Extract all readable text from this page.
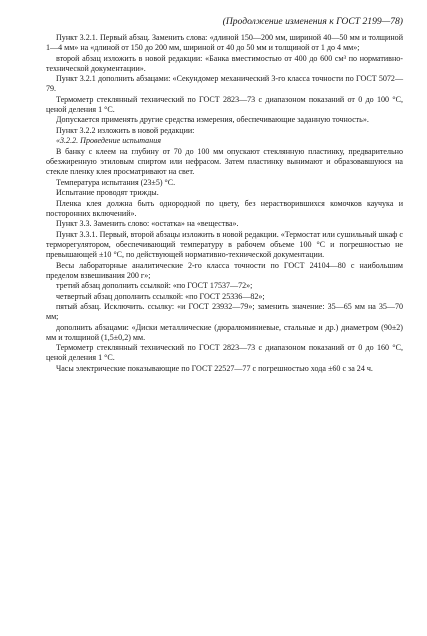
(Продолжение изменения к ГОСТ 2199—78)

Пункт 3.2.1. Первый абзац. Заменить слова: «длиной 150—200 мм, шириной 40—50 мм и толщиной 1—4 мм» на «длиной от 150 до 200 мм, шириной от 40 до 50 мм и толщиной от 1 до 4 мм»;

второй абзац изложить в новой редакции: «Банка вместимостью от 400 до 600 см³ по нормативно-технической документации».

Пункт 3.2.1 дополнить абзацами: «Секундомер механический 3-го класса точности по ГОСТ 5072—79.

Термометр стеклянный технический по ГОСТ 2823—73 с диапазоном показаний от 0 до 100 °С, ценой деления 1 °С.

Допускается применять другие средства измерения, обеспечивающие заданную точность».

Пункт 3.2.2 изложить в новой редакции:

«3.2.2. Проведение испытания

В банку с клеем на глубину от 70 до 100 мм опускают стеклянную пластинку, предварительно обезжиренную этиловым спиртом или нефрасом. Затем пластинку вынимают и образовавшуюся на стекле пленку клея просматривают на свет.

Температура испытания (23±5) °С.

Испытание проводят трижды.

Пленка клея должна быть однородной по цвету, без нерастворившихся комочков каучука и посторонних включений».

Пункт 3.3. Заменить слово: «остатка» на «вещества».

Пункт 3.3.1. Первый, второй абзацы изложить в новой редакции. «Термостат или сушильный шкаф с терморегулятором, обеспечивающий температуру в рабочем объеме 100 °С и погрешностью не превышающей ±10 °С, по действующей нормативно-технической документации.

Весы лабораторные аналитические 2-го класса точности по ГОСТ 24104—80 с наибольшим пределом взвешивания 200 г»;

третий абзац дополнить ссылкой: «по ГОСТ 17537—72»;

четвертый абзац дополнить ссылкой: «по ГОСТ 25336—82»;

пятый абзац. Исключить. ссылку: «и ГОСТ 23932—79»; заменить значение: 35—65 мм на 35—70 мм;

дополнить абзацами: «Диски металлические (дюралюминиевые, стальные и др.) диаметром (90±2) мм и толщиной (1,5±0,2) мм.

Термометр стеклянный технический по ГОСТ 2823—73 с диапазоном показаний от 0 до 160 °С, ценой деления 1 °С.

Часы электрические показывающие по ГОСТ 22527—77 с погрешностью хода ±60 с за 24 ч.
